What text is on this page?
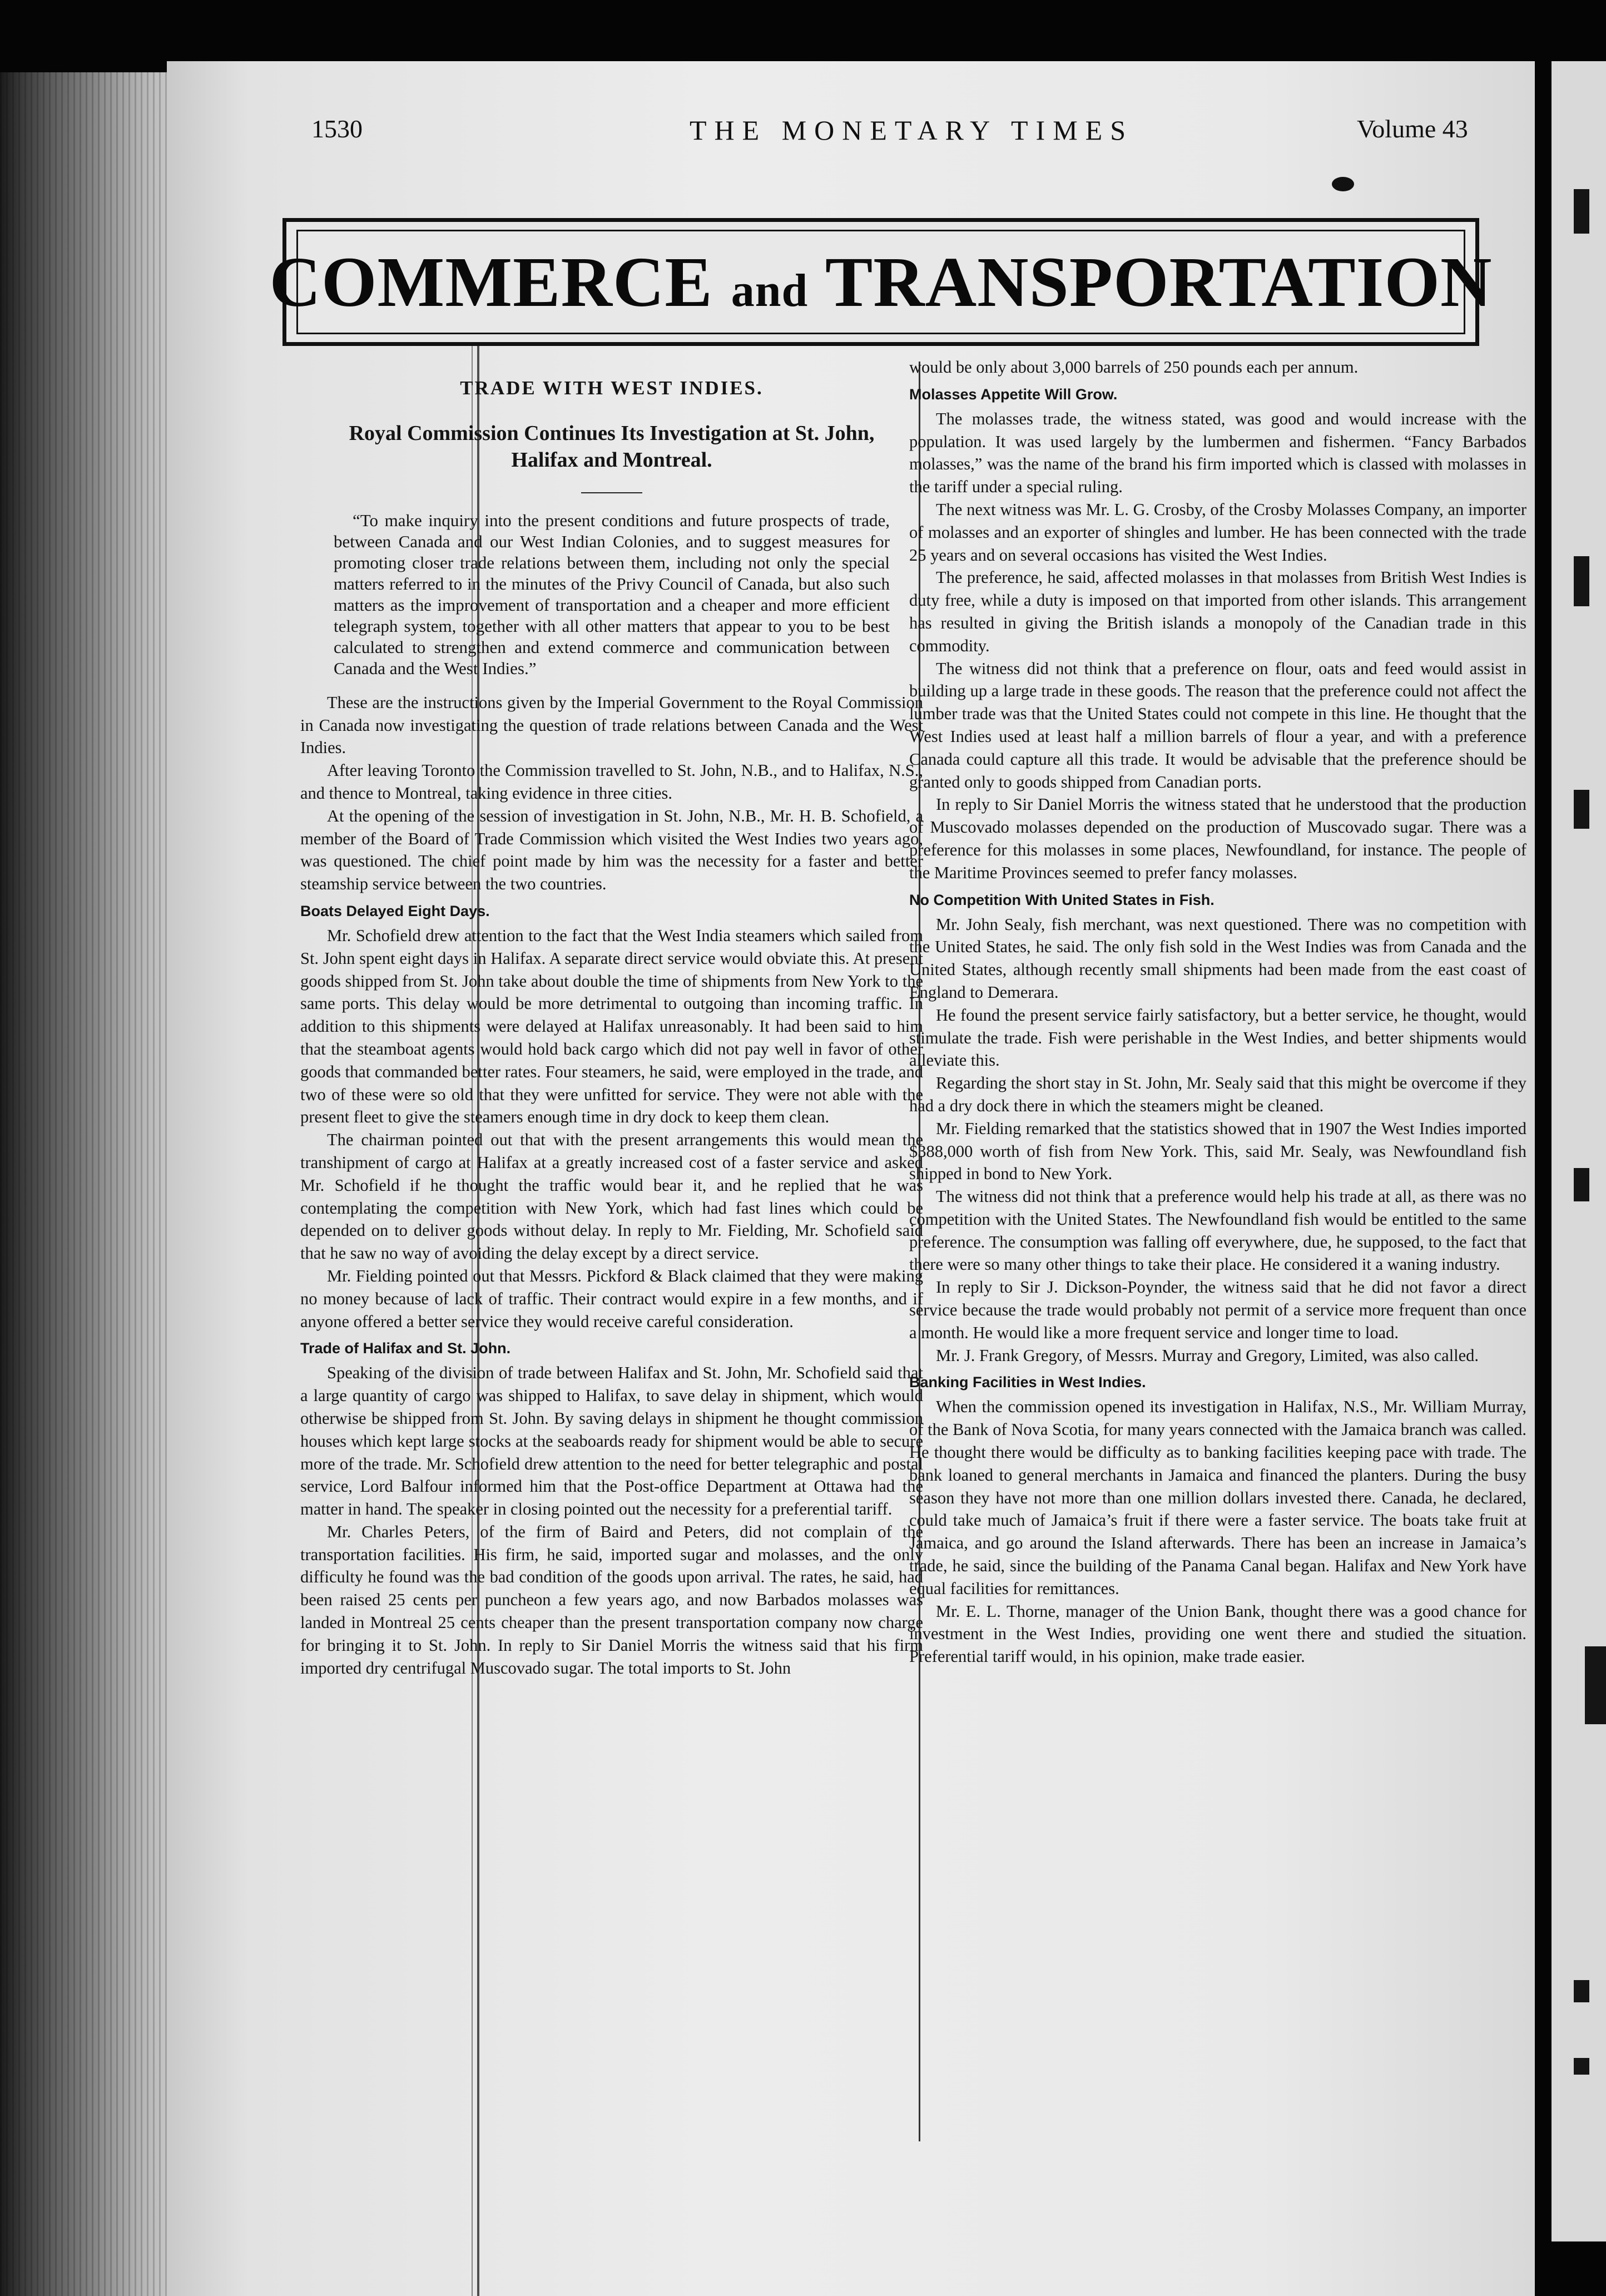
1530	THE MONETARY TIMES	Volume 43
COMMERCE and TRANSPORTATION
TRADE WITH WEST INDIES.
Royal Commission Continues Its Investigation at St. John, Halifax and Montreal.
“To make inquiry into the present conditions and future prospects of trade, between Canada and our West Indian Colonies, and to suggest measures for promoting closer trade relations between them, including not only the special matters referred to in the minutes of the Privy Council of Canada, but also such matters as the improvement of transportation and a cheaper and more efficient telegraph system, together with all other matters that appear to you to be best calculated to strengthen and extend commerce and communication between Canada and the West Indies.”

These are the instructions given by the Imperial Government to the Royal Commission in Canada now investigating the question of trade relations between Canada and the West Indies.

After leaving Toronto the Commission travelled to St. John, N.B., and to Halifax, N.S., and thence to Montreal, taking evidence in three cities.

At the opening of the session of investigation in St. John, N.B., Mr. H. B. Schofield, a member of the Board of Trade Commission which visited the West Indies two years ago, was questioned. The chief point made by him was the necessity for a faster and better steamship service between the two countries.

Boats Delayed Eight Days.

Mr. Schofield drew attention to the fact that the West India steamers which sailed from St. John spent eight days in Halifax. A separate direct service would obviate this. At present goods shipped from St. John take about double the time of shipments from New York to the same ports. This delay would be more detrimental to outgoing than incoming traffic. In addition to this shipments were delayed at Halifax unreasonably. It had been said to him that the steamboat agents would hold back cargo which did not pay well in favor of other goods that commanded better rates. Four steamers, he said, were employed in the trade, and two of these were so old that they were unfitted for service. They were not able with the present fleet to give the steamers enough time in dry dock to keep them clean.

The chairman pointed out that with the present arrangements this would mean the transhipment of cargo at Halifax at a greatly increased cost of a faster service and asked Mr. Schofield if he thought the traffic would bear it, and he replied that he was contemplating the competition with New York, which had fast lines which could be depended on to deliver goods without delay. In reply to Mr. Fielding, Mr. Schofield said that he saw no way of avoiding the delay except by a direct service.

Mr. Fielding pointed out that Messrs. Pickford & Black claimed that they were making no money because of lack of traffic. Their contract would expire in a few months, and if anyone offered a better service they would receive careful consideration.

Trade of Halifax and St. John.

Speaking of the division of trade between Halifax and St. John, Mr. Schofield said that a large quantity of cargo was shipped to Halifax, to save delay in shipment, which would otherwise be shipped from St. John. By saving delays in shipment he thought commission houses which kept large stocks at the seaboards ready for shipment would be able to secure more of the trade. Mr. Schofield drew attention to the need for better telegraphic and postal service, Lord Balfour informed him that the Post-office Department at Ottawa had the matter in hand. The speaker in closing pointed out the necessity for a preferential tariff.

Mr. Charles Peters, of the firm of Baird and Peters, did not complain of the transportation facilities. His firm, he said, imported sugar and molasses, and the only difficulty he found was the bad condition of the goods upon arrival. The rates, he said, had been raised 25 cents per puncheon a few years ago, and now Barbados molasses was landed in Montreal 25 cents cheaper than the present transportation company now charge for bringing it to St. John. In reply to Sir Daniel Morris the witness said that his firm imported dry centrifugal Muscovado sugar. The total imports to St. John

would be only about 3,000 barrels of 250 pounds each per annum.

Molasses Appetite Will Grow.

The molasses trade, the witness stated, was good and would increase with the population. It was used largely by the lumbermen and fishermen. “Fancy Barbados molasses,” was the name of the brand his firm imported which is classed with molasses in the tariff under a special ruling.

The next witness was Mr. L. G. Crosby, of the Crosby Molasses Company, an importer of molasses and an exporter of shingles and lumber. He has been connected with the trade 25 years and on several occasions has visited the West Indies.

The preference, he said, affected molasses in that molasses from British West Indies is duty free, while a duty is imposed on that imported from other islands. This arrangement has resulted in giving the British islands a monopoly of the Canadian trade in this commodity.

The witness did not think that a preference on flour, oats and feed would assist in building up a large trade in these goods. The reason that the preference could not affect the lumber trade was that the United States could not compete in this line. He thought that the West Indies used at least half a million barrels of flour a year, and with a preference Canada could capture all this trade. It would be advisable that the preference should be granted only to goods shipped from Canadian ports.

In reply to Sir Daniel Morris the witness stated that he understood that the production of Muscovado molasses depended on the production of Muscovado sugar. There was a preference for this molasses in some places, Newfoundland, for instance. The people of the Maritime Provinces seemed to prefer fancy molasses.

No Competition With United States in Fish.

Mr. John Sealy, fish merchant, was next questioned. There was no competition with the United States, he said. The only fish sold in the West Indies was from Canada and the United States, although recently small shipments had been made from the east coast of England to Demerara.

He found the present service fairly satisfactory, but a better service, he thought, would stimulate the trade. Fish were perishable in the West Indies, and better shipments would alleviate this.

Regarding the short stay in St. John, Mr. Sealy said that this might be overcome if they had a dry dock there in which the steamers might be cleaned.

Mr. Fielding remarked that the statistics showed that in 1907 the West Indies imported $388,000 worth of fish from New York. This, said Mr. Sealy, was Newfoundland fish shipped in bond to New York.

The witness did not think that a preference would help his trade at all, as there was no competition with the United States. The Newfoundland fish would be entitled to the same preference. The consumption was falling off everywhere, due, he supposed, to the fact that there were so many other things to take their place. He considered it a waning industry.

In reply to Sir J. Dickson-Poynder, the witness said that he did not favor a direct service because the trade would probably not permit of a service more frequent than once a month. He would like a more frequent service and longer time to load.

Mr. J. Frank Gregory, of Messrs. Murray and Gregory, Limited, was also called.

Banking Facilities in West Indies.

When the commission opened its investigation in Halifax, N.S., Mr. William Murray, of the Bank of Nova Scotia, for many years connected with the Jamaica branch was called. He thought there would be difficulty as to banking facilities keeping pace with trade. The bank loaned to general merchants in Jamaica and financed the planters. During the busy season they have not more than one million dollars invested there. Canada, he declared, could take much of Jamaica’s fruit if there were a faster service. The boats take fruit at Jamaica, and go around the Island afterwards. There has been an increase in Jamaica’s trade, he said, since the building of the Panama Canal began. Halifax and New York have equal facilities for remittances.

Mr. E. L. Thorne, manager of the Union Bank, thought there was a good chance for investment in the West Indies, providing one went there and studied the situation. Preferential tariff would, in his opinion, make trade easier.
